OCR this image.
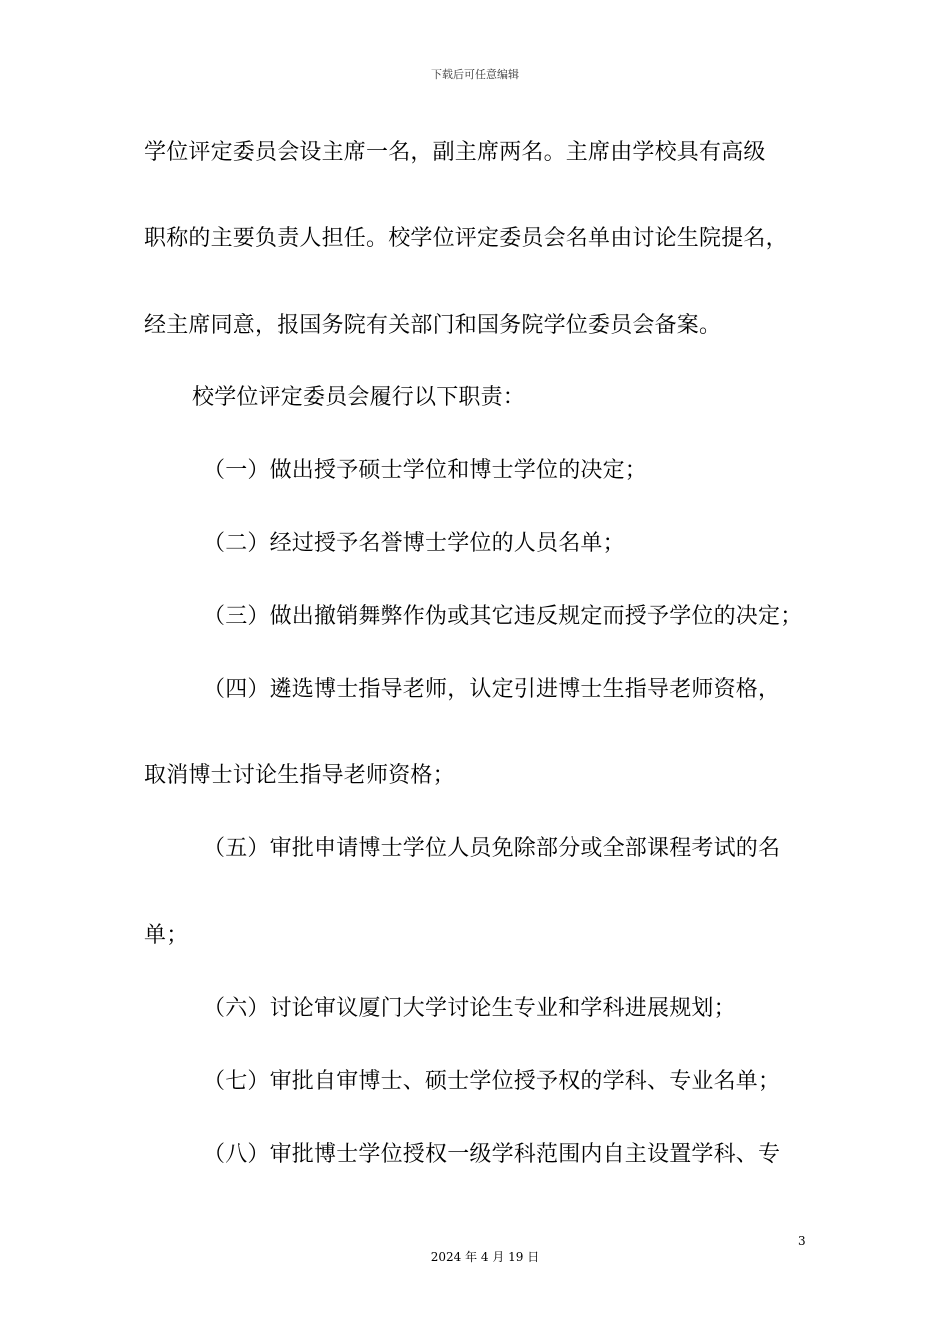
下载后可任意编辑
学位评定委员会设主席一名，副主席两名。主席由学校具有高级
职称的主要负责人担任。校学位评定委员会名单由讨论生院提名，
经主席同意，报国务院有关部门和国务院学位委员会备案。
校学位评定委员会履行以下职责：
（一）做出授予硕士学位和博士学位的决定；
（二）经过授予名誉博士学位的人员名单；
（三）做出撤销舞弊作伪或其它违反规定而授予学位的决定；
（四）遴选博士指导老师，认定引进博士生指导老师资格，
取消博士讨论生指导老师资格；
（五）审批申请博士学位人员免除部分或全部课程考试的名
单；
（六）讨论审议厦门大学讨论生专业和学科进展规划；
（七）审批自审博士、硕士学位授予权的学科、专业名单；
（八）审批博士学位授权一级学科范围内自主设置学科、专
3
2024 年 4 月 19 日
